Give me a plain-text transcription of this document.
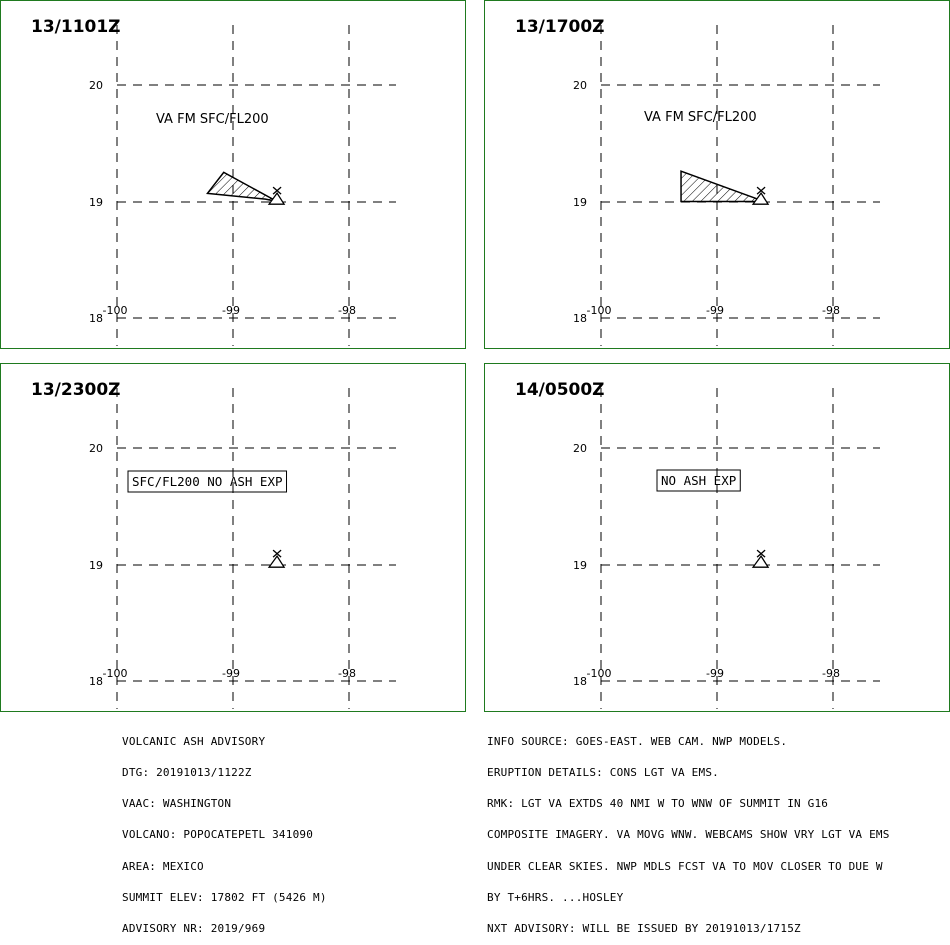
-100	-99	-98
20
19
18
VA FM SFC/FL200
13/1101Z
-100	-99	-98
20
19
18
VA FM SFC/FL200
13/1700Z
-100	-99	-98
20
19
18
SFC/FL200 NO ASH EXP
13/2300Z
-100	-99	-98
20
19
18
NO ASH EXP
14/0500Z

VOLCANIC ASH ADVISORY

DTG: 20191013/1122Z

VAAC: WASHINGTON

VOLCANO: POPOCATEPETL 341090

AREA: MEXICO

SUMMIT ELEV: 17802 FT (5426 M)

ADVISORY NR: 2019/969

INFO SOURCE: GOES-EAST. WEB CAM. NWP MODELS.

ERUPTION DETAILS: CONS LGT VA EMS.

RMK: LGT VA EXTDS 40 NMI W TO WNW OF SUMMIT IN G16

COMPOSITE IMAGERY. VA MOVG WNW. WEBCAMS SHOW VRY LGT VA EMS

UNDER CLEAR SKIES. NWP MDLS FCST VA TO MOV CLOSER TO DUE W

BY T+6HRS. ...HOSLEY

NXT ADVISORY: WILL BE ISSUED BY 20191013/1715Z
